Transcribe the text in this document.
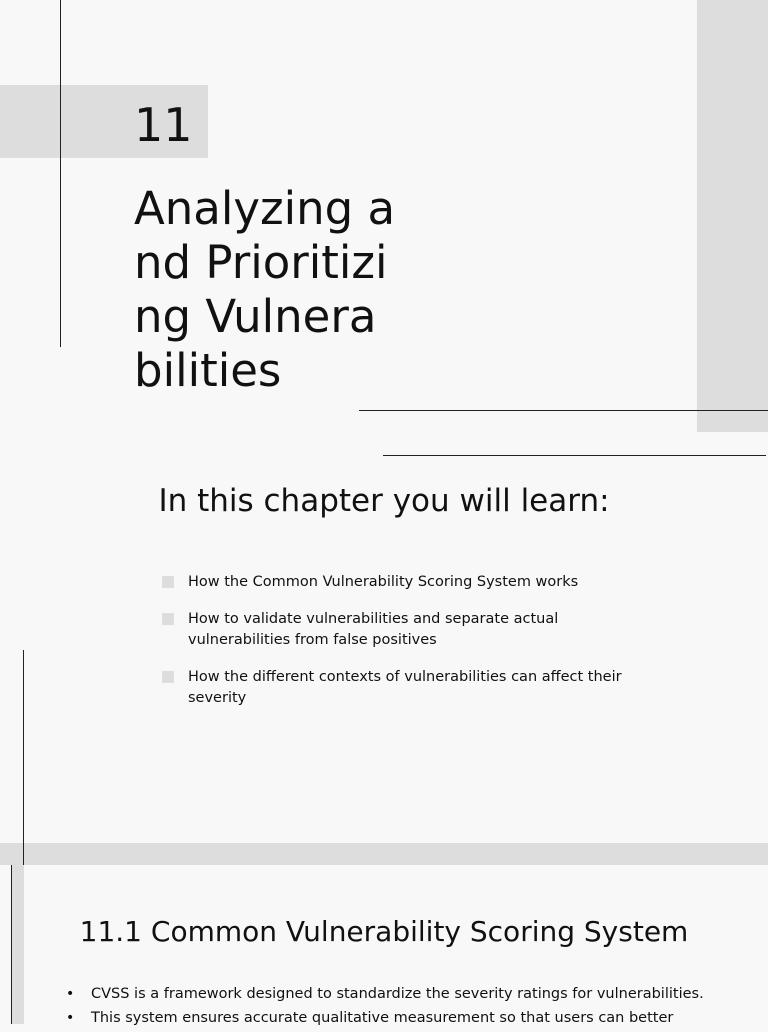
11
Analyzing and Prioritizing Vulnerabilities
In this chapter you will learn:
How the Common Vulnerability Scoring System works
How to validate vulnerabilities and separate actual vulnerabilities from false positives
How the different contexts of vulnerabilities can affect their severity
11.1 Common Vulnerability Scoring System
• CVSS is a framework designed to standardize the severity ratings for vulnerabilities.
• This system ensures accurate qualitative measurement so that users can better
